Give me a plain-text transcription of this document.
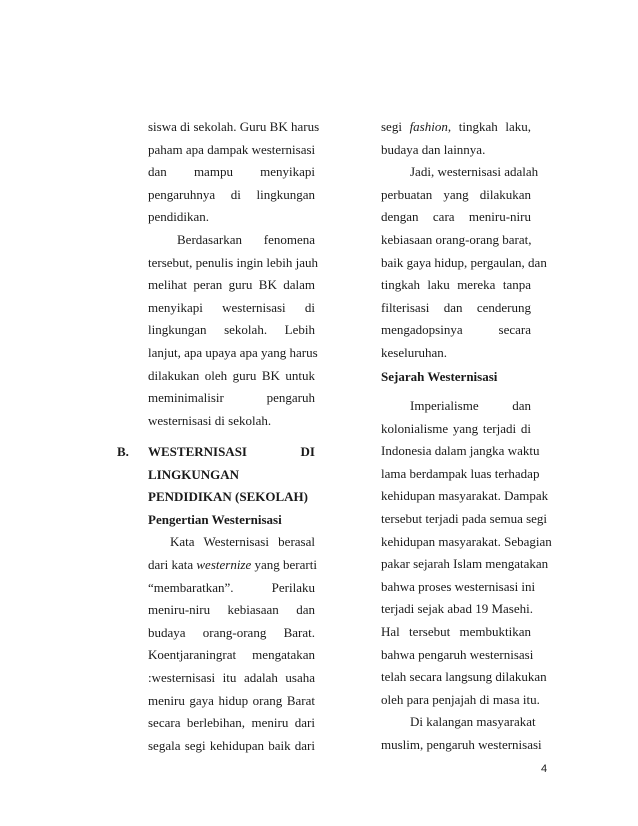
siswa di sekolah. Guru BK harus
paham apa dampak westernisasi
dan mampu menyikapi
pengaruhnya di lingkungan
pendidikan.
Berdasarkan fenomena
tersebut, penulis ingin lebih jauh
melihat peran guru BK dalam
menyikapi westernisasi di
lingkungan sekolah. Lebih
lanjut, apa upaya apa yang harus
dilakukan oleh guru BK untuk
meminimalisir pengaruh
westernisasi di sekolah.
B. WESTERNISASI DI
LINGKUNGAN
PENDIDIKAN (SEKOLAH)
Pengertian Westernisasi
Kata Westernisasi berasal
dari kata westernize yang berarti
“membaratkan”. Perilaku
meniru-niru kebiasaan dan
budaya orang-orang Barat.
Koentjaraningrat mengatakan
:westernisasi itu adalah usaha
meniru gaya hidup orang Barat
secara berlebihan, meniru dari
segala segi kehidupan baik dari
segi fashion, tingkah laku,
budaya dan lainnya.
Jadi, westernisasi adalah
perbuatan yang dilakukan
dengan cara meniru-niru
kebiasaan orang-orang barat,
baik gaya hidup, pergaulan, dan
tingkah laku mereka tanpa
filterisasi dan cenderung
mengadopsinya secara
keseluruhan.
Sejarah Westernisasi
Imperialisme dan
kolonialisme yang terjadi di
Indonesia dalam jangka waktu
lama berdampak luas terhadap
kehidupan masyarakat. Dampak
tersebut terjadi pada semua segi
kehidupan masyarakat. Sebagian
pakar sejarah Islam mengatakan
bahwa proses westernisasi ini
terjadi sejak abad 19 Masehi.
Hal tersebut membuktikan
bahwa pengaruh westernisasi
telah secara langsung dilakukan
oleh para penjajah di masa itu.
Di kalangan masyarakat
muslim, pengaruh westernisasi
4
